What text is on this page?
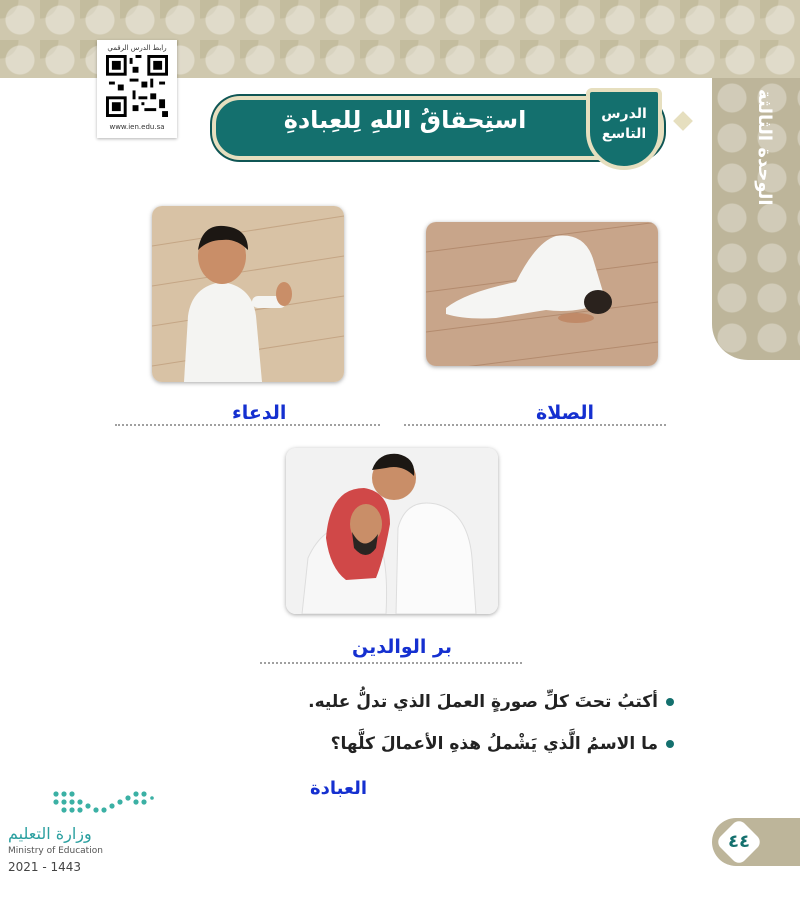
الوحدة الثالثة
رابط الدرس الرقمي
www.ien.edu.sa	استِحقاقُ اللهِ لِلعِبادةِ	الدرس
التاسع
الدعاء	الصلاة
بر الوالدين
أكتبُ تحتَ كلِّ صورةٍ العملَ الذي تدلُّ عليه.
ما الاسمُ الَّذي يَشْملُ هذهِ الأعمالَ كلَّها؟
العبادة
وزارة التعليم
Ministry of Education
2021 - 1443
٤٤
